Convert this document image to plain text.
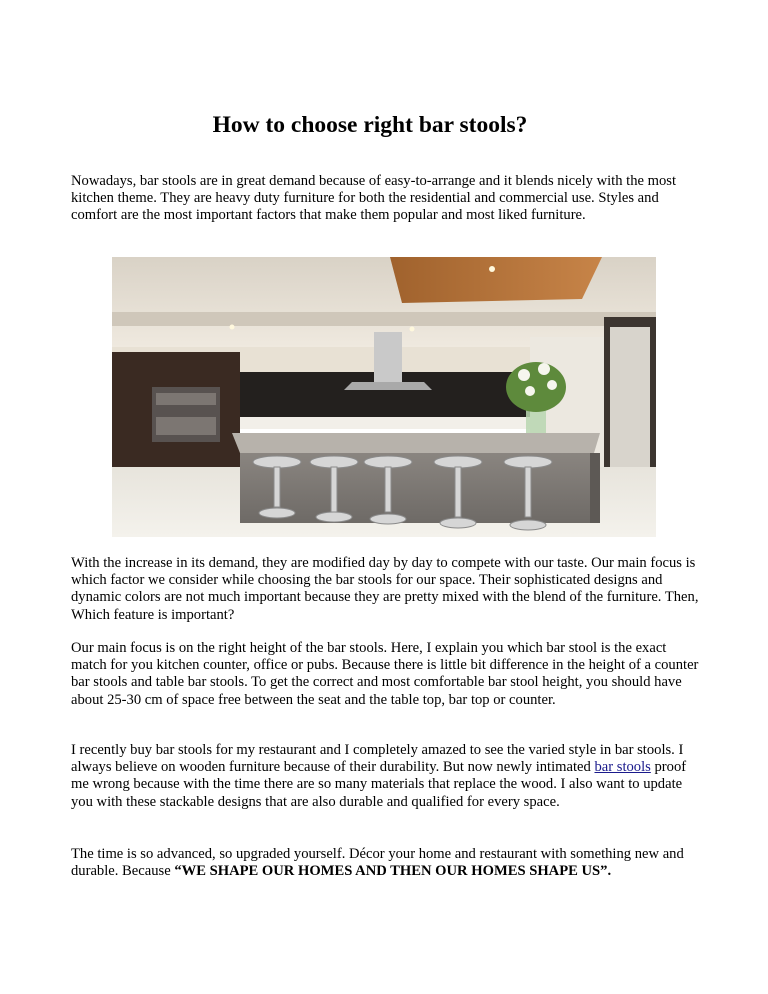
How to choose right bar stools?

Nowadays, bar stools are in great demand because of easy-to-arrange and it blends nicely with the most kitchen theme. They are heavy duty furniture for both the residential and commercial use. Styles and comfort are the most important factors that make them popular and most liked furniture.

With the increase in its demand, they are modified day by day to compete with our taste. Our main focus is which factor we consider while choosing the bar stools for our space. Their sophisticated designs and dynamic colors are not much important because they are pretty mixed with the blend of the furniture. Then, Which feature is important?

Our main focus is on the right height of the bar stools. Here, I explain you which bar stool is the exact match for you kitchen counter, office or pubs. Because there is little bit difference in the height of a counter bar stools and table bar stools. To get the correct and most comfortable bar stool height, you should have about 25-30 cm of space free between the seat and the table top, bar top or counter.

I recently buy bar stools for my restaurant and I completely amazed to see the varied style in bar stools. I always believe on wooden furniture because of their durability. But now newly intimated bar stools proof me wrong because with the time there are so many materials that replace the wood. I also want to update you with these stackable designs that are also durable and qualified for every space.

The time is so advanced, so upgraded yourself. Décor your home and restaurant with something new and durable. Because “WE SHAPE OUR HOMES AND THEN OUR HOMES SHAPE US”.
